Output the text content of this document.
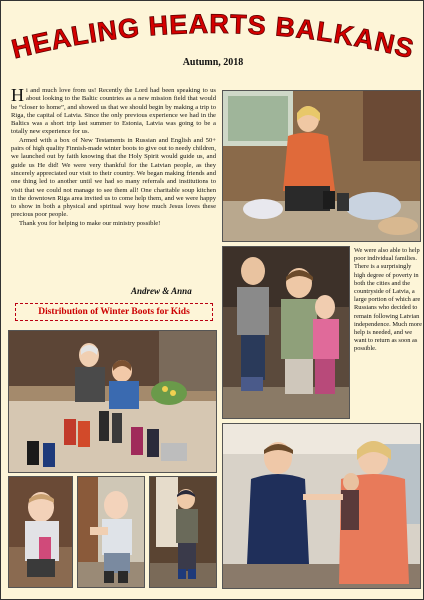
HEALING HEARTS BALKANS
Autumn, 2018

Hi and much love from us! Recently the Lord had been speaking to us about looking to the Baltic countries as a new mission field that would be “closer to home”, and showed us that we should begin by making a trip to Riga, the capital of Latvia. Since the only previous experience we had in the Baltics was a short trip last summer to Estonia, Latvia was going to be a totally new experience for us.

Armed with a box of New Testaments in Russian and English and 50+ pairs of high quality Finnish-made winter boots to give out to needy children, we launched out by faith knowing that the Holy Spirit would guide us, and guide us He did! We were very thankful for the Latvian people, as they sincerely appreciated our visit to their country. We began making friends and one thing led to another until we had so many referrals and institutions to visit that we could not manage to see them all! One charitable soup kitchen in the downtown Riga area invited us to come help them, and we were happy to show in both a physical and spiritual way how much Jesus loves these precious poor people.

Thank you for helping to make our ministry possible!

Andrew & Anna
Distribution of Winter Boots for Kids
We were also able to help poor individual families. There is a surprisingly high degree of poverty in both the cities and the countryside of Latvia, a large portion of which are Russians who decided to remain following Latvian independence. Much more help is needed, and we want to return as soon as possible.
